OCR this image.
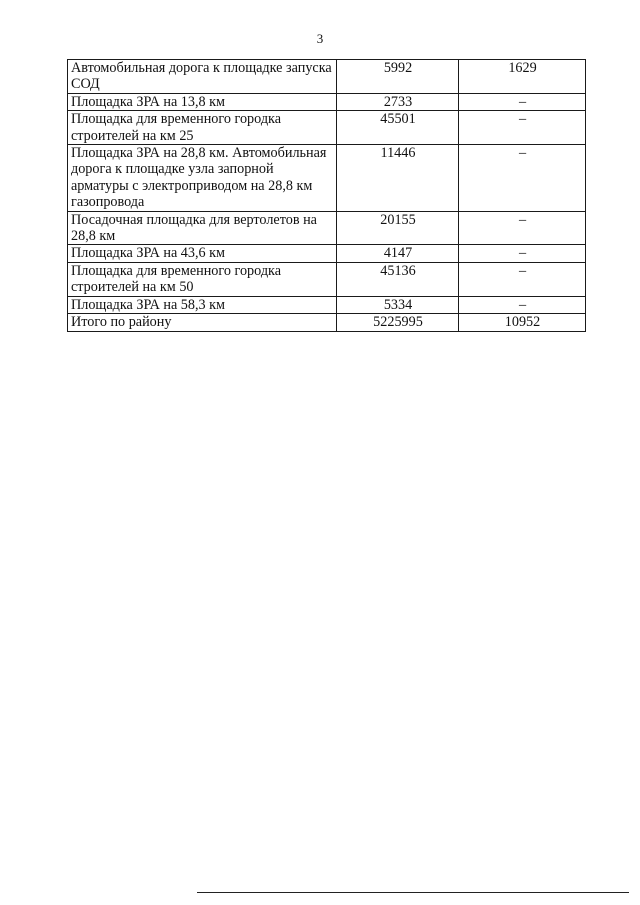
3
Автомобильная дорога к площадке запуска СОД	5992	1629
Площадка ЗРА на 13,8 км	2733	–
Площадка для временного городка строителей на км 25	45501	–
Площадка ЗРА на 28,8 км. Автомобильная дорога к площадке узла запорной арматуры с электроприводом на 28,8 км газопровода	11446	–
Посадочная площадка для вертолетов на 28,8 км	20155	–
Площадка ЗРА на 43,6 км	4147	–
Площадка для временного городка строителей на км 50	45136	–
Площадка ЗРА на 58,3 км	5334	–
Итого по району	5225995	10952
